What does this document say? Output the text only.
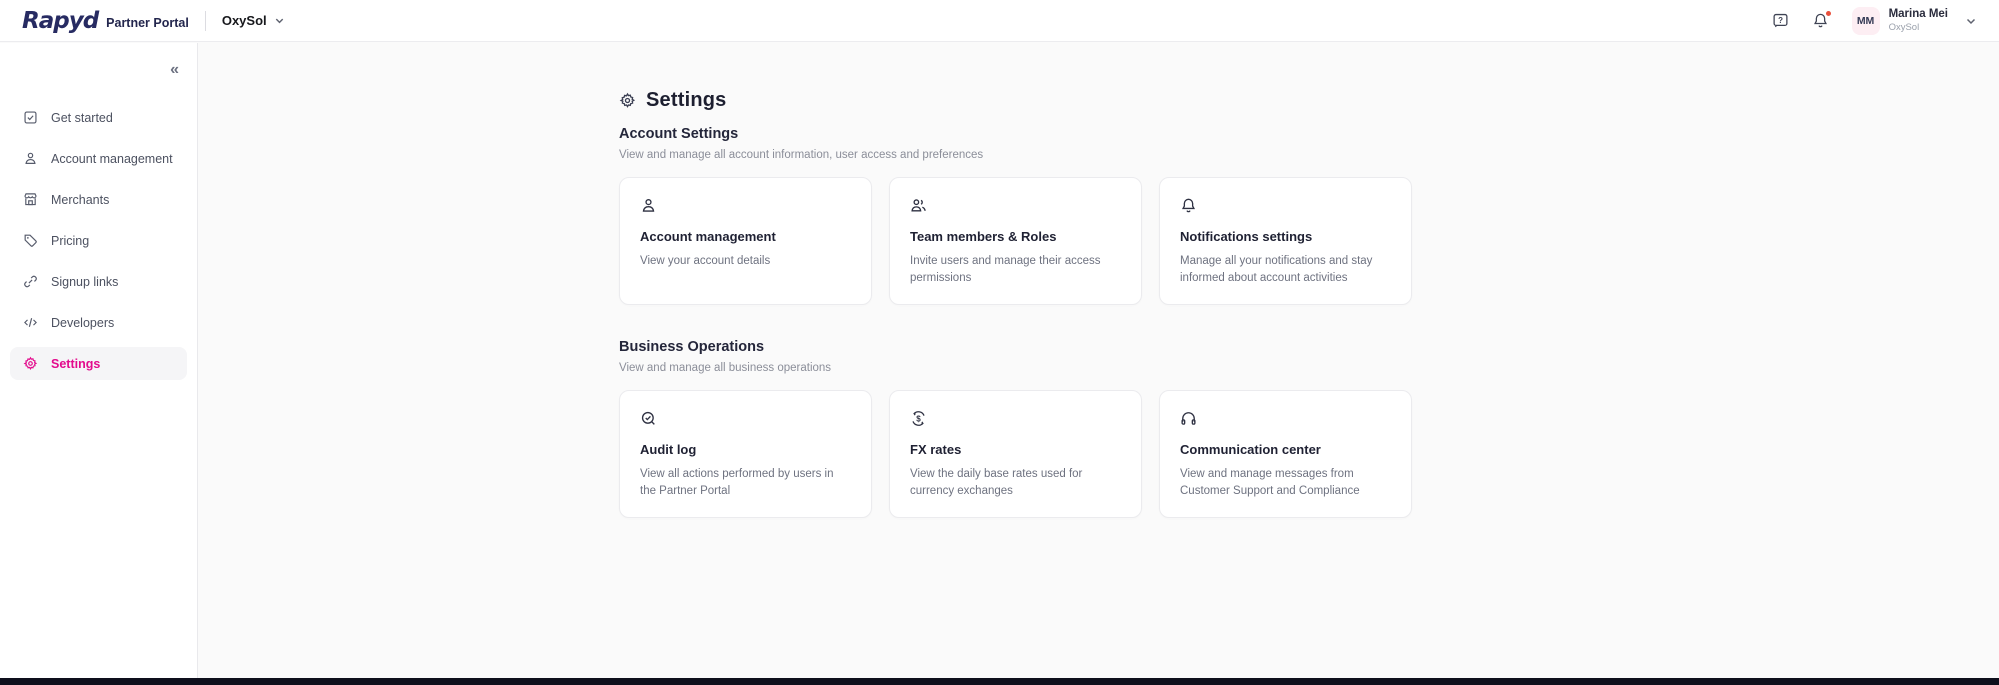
Rapyd Partner Portal	OxySol	?	MM
Marina Mei
OxySol
«
Get started
Account management
Merchants
Pricing
Signup links
Developers
Settings
Settings
Account Settings

View and manage all account information, user access and preferences

Account management
View your account details
Team members & Roles
Invite users and manage their access permissions
Notifications settings
Manage all your notifications and stay informed about account activities
Business Operations

View and manage all business operations

Audit log
View all actions performed by users in the Partner Portal
$
FX rates
View the daily base rates used for currency exchanges
Communication center
View and manage messages from Customer Support and Compliance
